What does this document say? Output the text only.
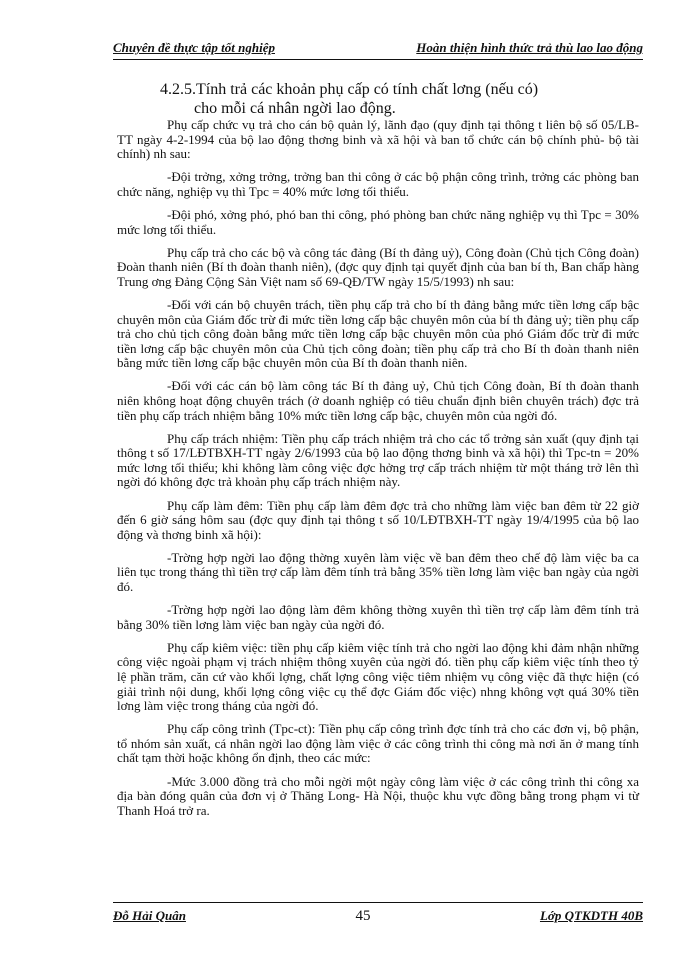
Chuyên đề thực tập tốt nghiệp	Hoàn thiện hình thức trả thù lao lao động
4.2.5.Tính trả các khoản phụ cấp có tính chất lơng (nếu có)
cho mỗi cá nhân ngời lao động.

Phụ cấp chức vụ trả cho cán bộ quản lý, lãnh đạo (quy định tại thông t liên bộ số 05/LB-TT ngày 4-2-1994 của bộ lao động thơng binh và xã hội và ban tổ chức cán bộ chính phủ- bộ tài chính) nh sau:

-Đội trởng, xởng trởng, trởng ban thi công ở các bộ phận công trình, trởng các phòng ban chức năng, nghiệp vụ thì Tpc = 40% mức lơng tối thiểu.

-Đội phó, xởng phó, phó ban thi công, phó phòng ban chức năng nghiệp vụ thì Tpc = 30% mức lơng tối thiểu.

Phụ cấp trả cho các bộ và công tác đảng (Bí th đảng uỷ), Công đoàn (Chủ tịch Công đoàn) Đoàn thanh niên (Bí th đoàn thanh niên), (đợc quy định tại quyết định của ban bí th, Ban chấp hàng Trung ơng Đảng Cộng Sản Việt nam số 69-QĐ/TW ngày 15/5/1993) nh sau:

-Đối với cán bộ chuyên trách, tiền phụ cấp trả cho bí th đảng bằng mức tiền lơng cấp bậc chuyên môn của Giám đốc trừ đi mức tiền lơng cấp bậc chuyên môn của bí th đảng uỷ; tiền phụ cấp trả cho chủ tịch công đoàn bằng mức tiền lơng cấp bậc chuyên môn của phó Giám đốc trừ đi mức tiền lơng cấp bậc chuyên môn của Chủ tịch công đoàn; tiền phụ cấp trả cho Bí th đoàn thanh niên bằng mức tiền lơng cấp bậc chuyên môn của Bí th đoàn thanh niên.

-Đối với các cán bộ làm công tác Bí th đảng uỷ, Chủ tịch Công đoàn, Bí th đoàn thanh niên không hoạt động chuyên trách (ở doanh nghiệp có tiêu chuẩn định biên chuyên trách) đợc trả tiền phụ cấp trách nhiệm bằng 10% mức tiền lơng cấp bậc, chuyên môn của ngời đó.

Phụ cấp trách nhiệm: Tiền phụ cấp trách nhiệm trả cho các tổ trởng sản xuất (quy định tại thông t số 17/LĐTBXH-TT ngày 2/6/1993 của bộ lao động thơng binh và xã hội) thì Tpc-tn = 20% mức lơng tối thiểu; khi không làm công việc đợc hởng trợ cấp trách nhiệm từ một tháng trở lên thì ngời đó không đợc trả khoản phụ cấp trách nhiệm này.

Phụ cấp làm đêm: Tiền phụ cấp làm đêm đợc trả cho những làm việc ban đêm từ 22 giờ đến 6 giờ sáng hôm sau (đợc quy định tại thông t số 10/LĐTBXH-TT ngày 19/4/1995 của bộ lao động và thơng binh xã hội):

-Trờng hợp ngời lao động thờng xuyên làm việc về ban đêm theo chế độ làm việc ba ca liên tục trong tháng thì tiền trợ cấp làm đêm tính trả bằng 35% tiền lơng làm việc ban ngày của ngời đó.

-Trờng hợp ngời lao động làm đêm không thờng xuyên thì tiền trợ cấp làm đêm tính trả bằng 30% tiền lơng làm việc ban ngày của ngời đó.

Phụ cấp kiêm việc: tiền phụ cấp kiêm việc tính trả cho ngời lao động khi đảm nhận những công việc ngoài phạm vị trách nhiệm thông xuyên của ngời đó. tiền phụ cấp kiêm việc tính theo tỷ lệ phần trăm, căn cứ vào khối lợng, chất lợng công việc tiêm nhiệm vụ công việc đã thực hiện (có giải trình nội dung, khối lợng công việc cụ thể đợc Giám đốc việc) nhng không vợt quá 30% tiền lơng làm việc trong tháng của ngời đó.

Phụ cấp công trình (Tpc-ct): Tiền phụ cấp công trình đợc tính trả cho các đơn vị, bộ phận, tổ nhóm sản xuất, cá nhân ngời lao động làm việc ở các công trình thi công mà nơi ăn ở mang tính chất tạm thời hoặc không ổn định, theo các mức:

-Mức 3.000 đồng trả cho mỗi ngời một ngày công làm việc ở các công trình thi công xa địa bàn đóng quân của đơn vị ở Thăng Long- Hà Nội, thuộc khu vực đồng bằng trong phạm vi từ Thanh Hoá trở ra.

Đỗ Hải Quân	45	Lớp QTKDTH 40B
